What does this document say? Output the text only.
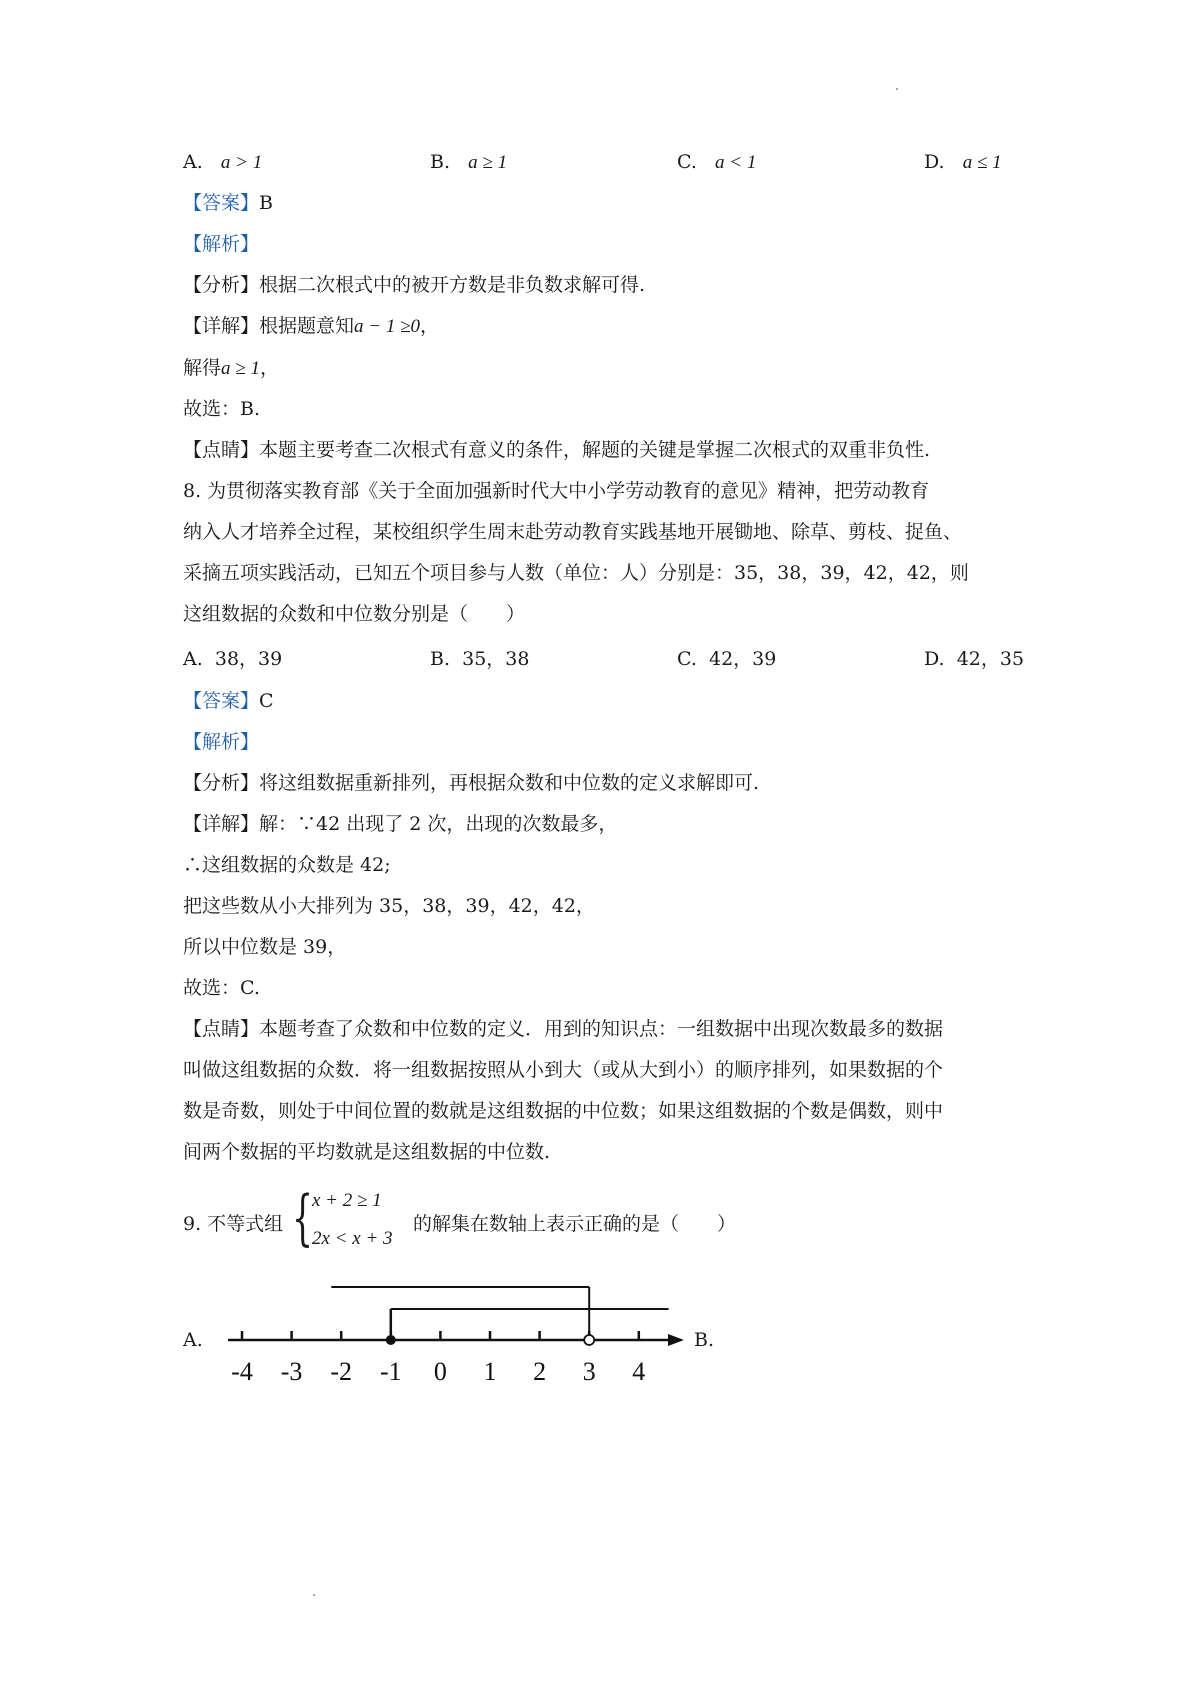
A. a > 1	B. a ≥ 1	C. a < 1	D. a ≤ 1
【答案】B
【解析】
【分析】根据二次根式中的被开方数是非负数求解可得.
【详解】根据题意知a − 1 ≥0，
解得a ≥ 1，
故选：B.
【点睛】本题主要考查二次根式有意义的条件，解题的关键是掌握二次根式的双重非负性.
8. 为贯彻落实教育部《关于全面加强新时代大中小学劳动教育的意见》精神，把劳动教育
纳入人才培养全过程，某校组织学生周末赴劳动教育实践基地开展锄地、除草、剪枝、捉鱼、
采摘五项实践活动，已知五个项目参与人数（单位：人）分别是：35，38，39，42，42，则
这组数据的众数和中位数分别是（　　）
A. 38，39	B. 35，38	C. 42，39	D. 42，35
【答案】C
【解析】
【分析】将这组数据重新排列，再根据众数和中位数的定义求解即可.
【详解】解：∵42 出现了 2 次，出现的次数最多，
∴这组数据的众数是 42;
把这些数从小大排列为 35，38，39，42，42，
所以中位数是 39，
故选：C.
【点睛】本题考查了众数和中位数的定义．用到的知识点：一组数据中出现次数最多的数据
叫做这组数据的众数．将一组数据按照从小到大（或从大到小）的顺序排列，如果数据的个
数是奇数，则处于中间位置的数就是这组数据的中位数；如果这组数据的个数是偶数，则中
间两个数据的平均数就是这组数据的中位数.
9. 不等式组 {
x + 2 ≥ 1
2x < x + 3
的解集在数轴上表示正确的是（　　）
A.	B.
-4 -3 -2 -1 0 1 2 3 4
